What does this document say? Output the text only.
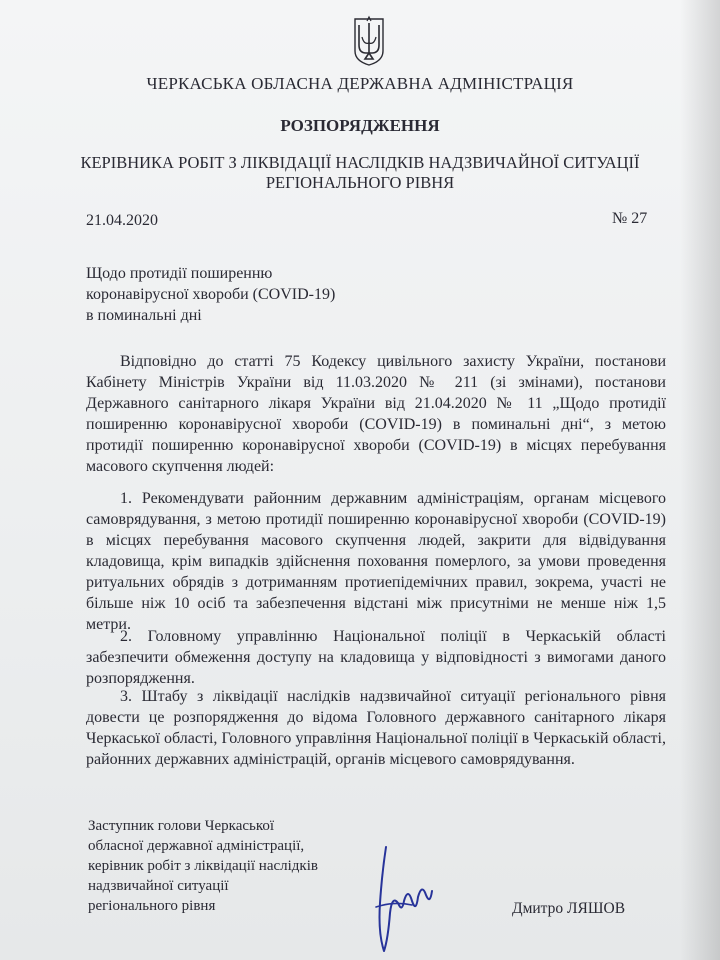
ЧЕРКАСЬКА ОБЛАСНА ДЕРЖАВНА АДМІНІСТРАЦІЯ
РОЗПОРЯДЖЕННЯ
КЕРІВНИКА РОБІТ З ЛІКВІДАЦІЇ НАСЛІДКІВ НАДЗВИЧАЙНОЇ СИТУАЦІЇ
РЕГІОНАЛЬНОГО РІВНЯ
21.04.2020	№ 27
Щодо протидії поширенню
коронавірусної хвороби (COVID-19)
в поминальні дні
Відповідно до статті 75 Кодексу цивільного захисту України, постанови Кабінету Міністрів України від 11.03.2020 № 211 (зі змінами), постанови Державного санітарного лікаря України від 21.04.2020 № 11 „Щодо протидії поширенню коронавірусної хвороби (COVID-19) в поминальні дні“, з метою протидії поширенню коронавірусної хвороби (COVID-19) в місцях перебування масового скупчення людей:
1. Рекомендувати районним державним адміністраціям, органам місцевого самоврядування, з метою протидії поширенню коронавірусної хвороби (COVID-19) в місцях перебування масового скупчення людей, закрити для відвідування кладовища, крім випадків здійснення поховання померлого, за умови проведення ритуальних обрядів з дотриманням протиепідемічних правил, зокрема, участі не більше ніж 10 осіб та забезпечення відстані між присутніми не менше ніж 1,5 метри.
2. Головному управлінню Національної поліції в Черкаській області забезпечити обмеження доступу на кладовища у відповідності з вимогами даного розпорядження.
3. Штабу з ліквідації наслідків надзвичайної ситуації регіонального рівня довести це розпорядження до відома Головного державного санітарного лікаря Черкаської області, Головного управління Національної поліції в Черкаській області, районних державних адміністрацій, органів місцевого самоврядування.
Заступник голови Черкаської
обласної державної адміністрації,
керівник робіт з ліквідації наслідків
надзвичайної ситуації
регіонального рівня	Дмитро ЛЯШОВ
